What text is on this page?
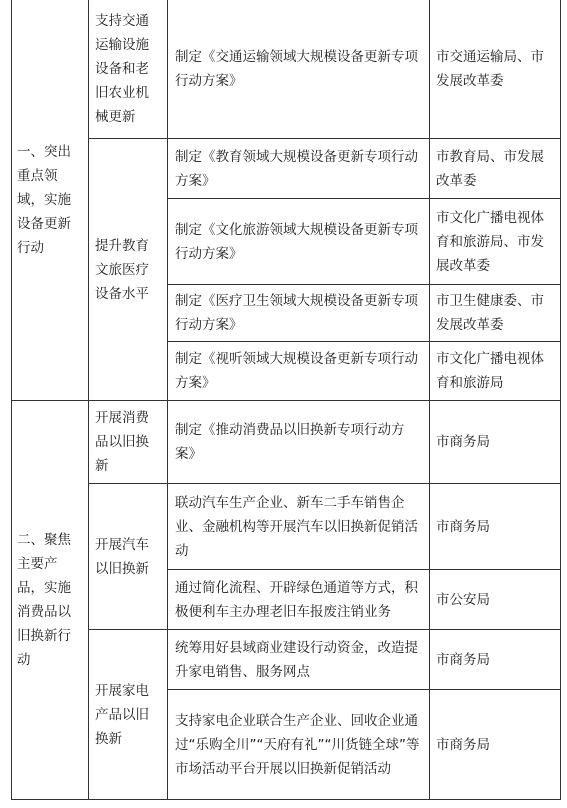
一、突出重点领域，实施设备更新行动	支持交通运输设施设备和老旧农业机械更新	制定《交通运输领域大规模设备更新专项行动方案》	市交通运输局、市发展改革委
	提升教育文旅医疗设备水平	制定《教育领域大规模设备更新专项行动方案》	市教育局、市发展改革委
		制定《文化旅游领域大规模设备更新专项行动方案》	市文化广播电视体育和旅游局、市发展改革委
		制定《医疗卫生领域大规模设备更新专项行动方案》	市卫生健康委、市发展改革委
		制定《视听领域大规模设备更新专项行动方案》	市文化广播电视体育和旅游局
二、聚焦主要产品，实施消费品以旧换新行动	开展消费品以旧换新	制定《推动消费品以旧换新专项行动方案》	市商务局
	开展汽车以旧换新	联动汽车生产企业、新车二手车销售企业、金融机构等开展汽车以旧换新促销活动	市商务局
		通过简化流程、开辟绿色通道等方式，积极便利车主办理老旧车报废注销业务	市公安局
	开展家电产品以旧换新	统筹用好县域商业建设行动资金，改造提升家电销售、服务网点	市商务局
		支持家电企业联合生产企业、回收企业通过“乐购全川”“天府有礼”“川货链全球”等市场活动平台开展以旧换新促销活动	市商务局
